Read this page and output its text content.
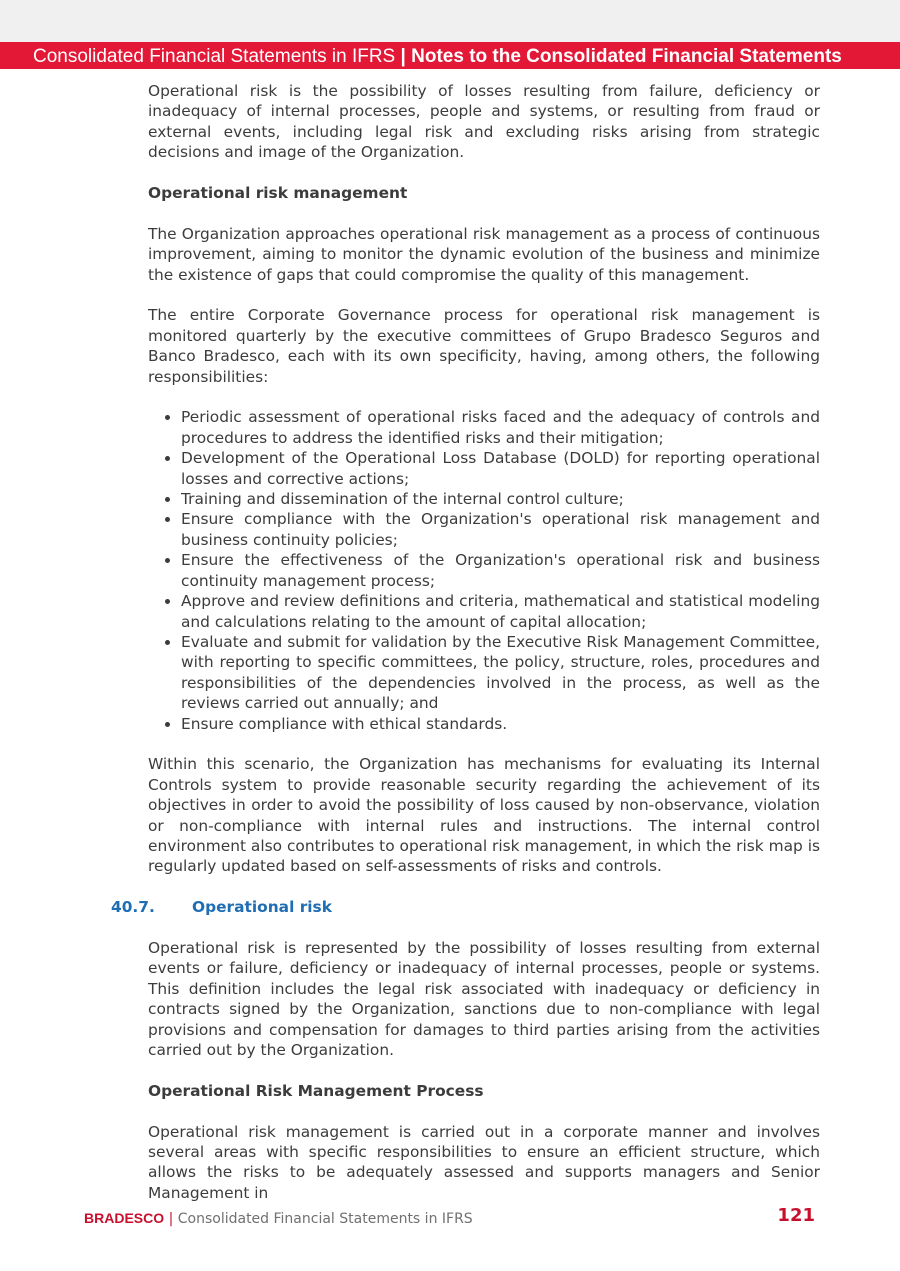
Consolidated Financial Statements in IFRS | Notes to the Consolidated Financial Statements

Operational risk is the possibility of losses resulting from failure, deficiency or inadequacy of internal processes, people and systems, or resulting from fraud or external events, including legal risk and excluding risks arising from strategic decisions and image of the Organization.

Operational risk management

The Organization approaches operational risk management as a process of continuous improvement, aiming to monitor the dynamic evolution of the business and minimize the existence of gaps that could compromise the quality of this management.

The entire Corporate Governance process for operational risk management is monitored quarterly by the executive committees of Grupo Bradesco Seguros and Banco Bradesco, each with its own specificity, having, among others, the following responsibilities:

• Periodic assessment of operational risks faced and the adequacy of controls and procedures to address the identified risks and their mitigation;
• Development of the Operational Loss Database (DOLD) for reporting operational losses and corrective actions;
• Training and dissemination of the internal control culture;
• Ensure compliance with the Organization's operational risk management and business continuity policies;
• Ensure the effectiveness of the Organization's operational risk and business continuity management process;
• Approve and review definitions and criteria, mathematical and statistical modeling and calculations relating to the amount of capital allocation;
• Evaluate and submit for validation by the Executive Risk Management Committee, with reporting to specific committees, the policy, structure, roles, procedures and responsibilities of the dependencies involved in the process, as well as the reviews carried out annually; and
• Ensure compliance with ethical standards.

Within this scenario, the Organization has mechanisms for evaluating its Internal Controls system to provide reasonable security regarding the achievement of its objectives in order to avoid the possibility of loss caused by non-observance, violation or non-compliance with internal rules and instructions. The internal control environment also contributes to operational risk management, in which the risk map is regularly updated based on self-assessments of risks and controls.

40.7. Operational risk

Operational risk is represented by the possibility of losses resulting from external events or failure, deficiency or inadequacy of internal processes, people or systems. This definition includes the legal risk associated with inadequacy or deficiency in contracts signed by the Organization, sanctions due to non-compliance with legal provisions and compensation for damages to third parties arising from the activities carried out by the Organization.

Operational Risk Management Process

Operational risk management is carried out in a corporate manner and involves several areas with specific responsibilities to ensure an efficient structure, which allows the risks to be adequately assessed and supports managers and Senior Management in

BRADESCO | Consolidated Financial Statements in IFRS	121
